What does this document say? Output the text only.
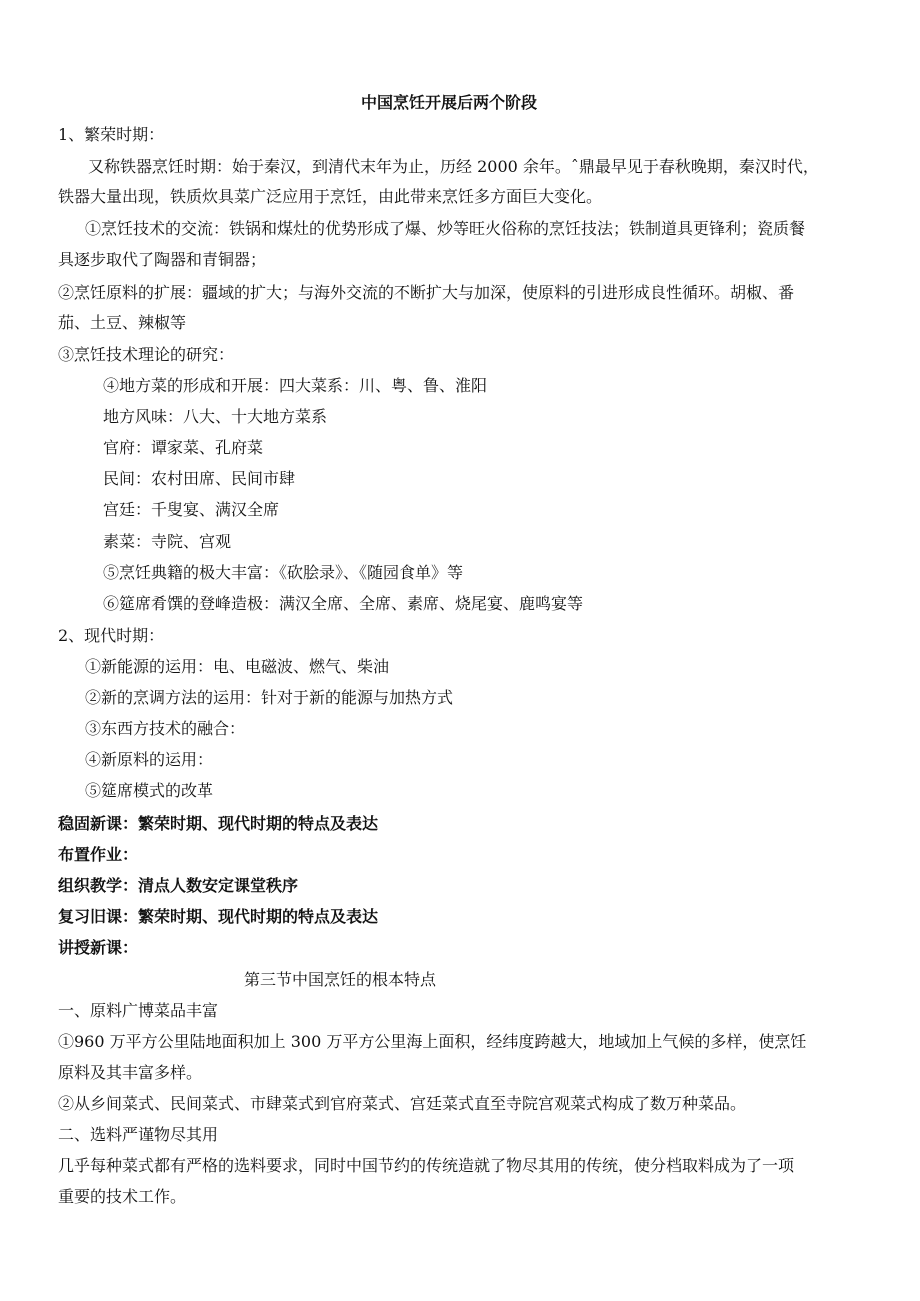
中国烹饪开展后两个阶段
1、繁荣时期：
又称铁器烹饪时期：始于秦汉，到清代末年为止，历经 2000 余年。ˆ鼎最早见于春秋晚期，秦汉时代，
铁器大量出现，铁质炊具菜广泛应用于烹饪，由此带来烹饪多方面巨大变化。
①烹饪技术的交流：铁锅和煤灶的优势形成了爆、炒等旺火俗称的烹饪技法；铁制道具更锋利；瓷质餐
具逐步取代了陶器和青铜器；
②烹饪原料的扩展：疆域的扩大；与海外交流的不断扩大与加深，使原料的引进形成良性循环。胡椒、番
茄、土豆、辣椒等
③烹饪技术理论的研究：
④地方菜的形成和开展：四大菜系：川、粤、鲁、淮阳
地方风味：八大、十大地方菜系
官府：谭家菜、孔府菜
民间：农村田席、民间市肆
宫廷：千叟宴、满汉全席
素菜：寺院、宫观
⑤烹饪典籍的极大丰富：《砍脍录》、《随园食单》等
⑥筵席肴馔的登峰造极：满汉全席、全席、素席、烧尾宴、鹿鸣宴等
2、现代时期：
①新能源的运用：电、电磁波、燃气、柴油
②新的烹调方法的运用：针对于新的能源与加热方式
③东西方技术的融合：
④新原料的运用：
⑤筵席模式的改革
稳固新课：繁荣时期、现代时期的特点及表达
布置作业：
组织教学：清点人数安定课堂秩序
复习旧课：繁荣时期、现代时期的特点及表达
讲授新课：
第三节中国烹饪的根本特点
一、原料广博菜品丰富
①960 万平方公里陆地面积加上 300 万平方公里海上面积，经纬度跨越大，地域加上气候的多样，使烹饪
原料及其丰富多样。
②从乡间菜式、民间菜式、市肆菜式到官府菜式、宫廷菜式直至寺院宫观菜式构成了数万种菜品。
二、选料严谨物尽其用
几乎每种菜式都有严格的选料要求，同时中国节约的传统造就了物尽其用的传统，使分档取料成为了一项
重要的技术工作。
